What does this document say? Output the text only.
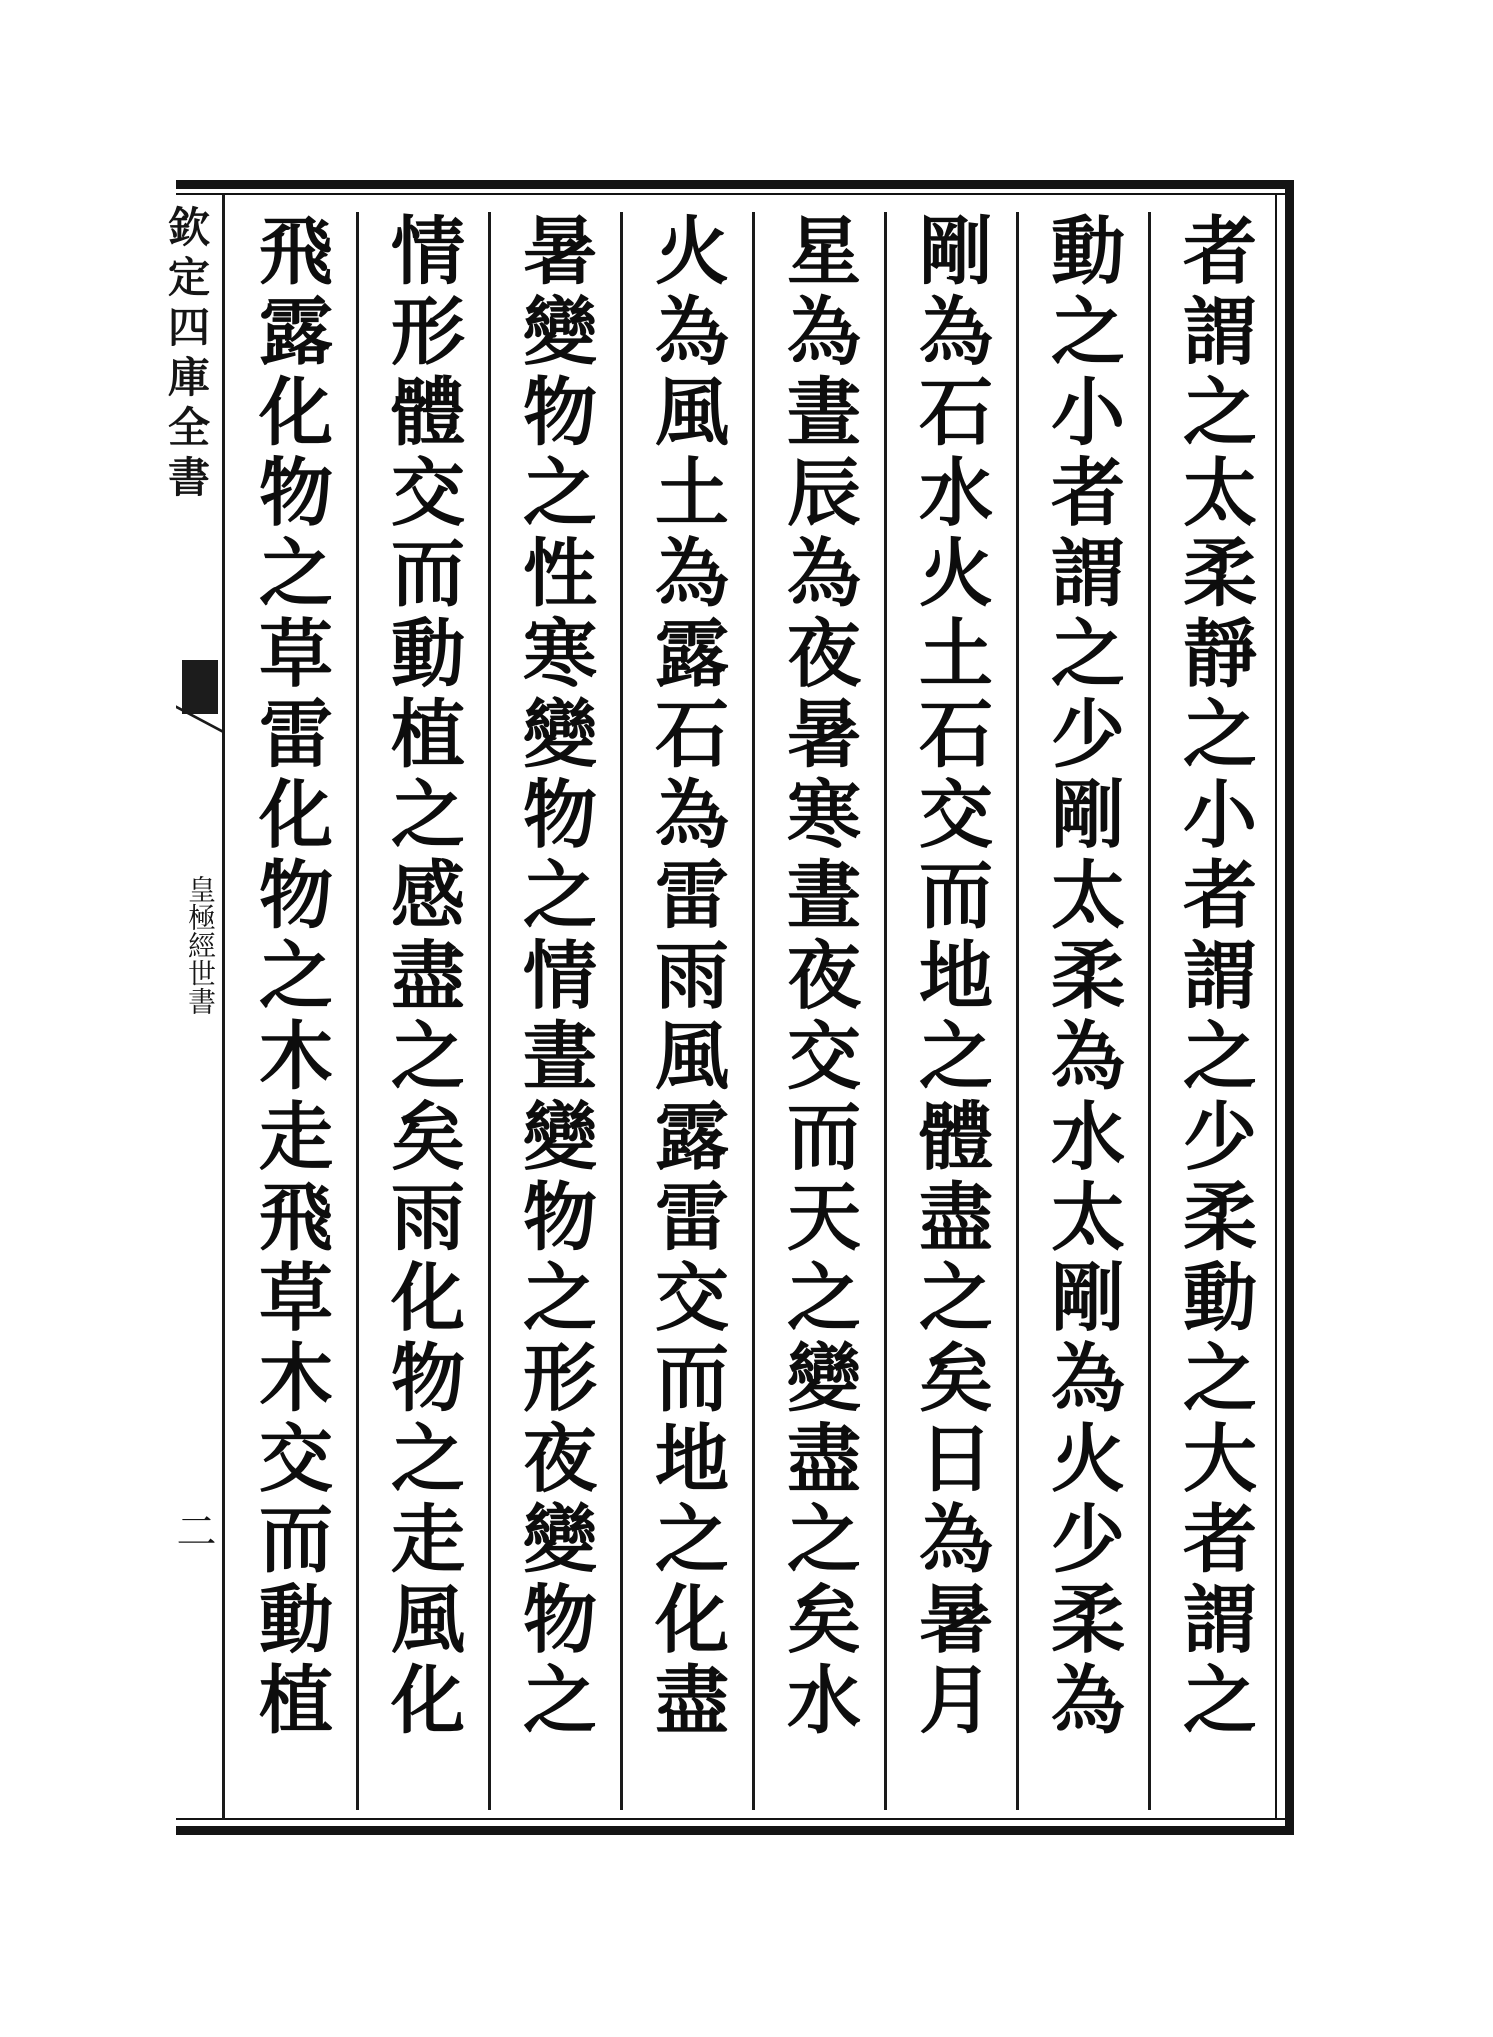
欽定四庫全書
皇極經世書
二
者謂之太柔靜之小者謂之少柔動之大者謂之
動之小者謂之少剛太柔為水太剛為火少柔為
剛為石水火土石交而地之體盡之矣日為暑月
星為晝辰為夜暑寒晝夜交而天之變盡之矣水
火為風土為露石為雷雨風露雷交而地之化盡
暑變物之性寒變物之情晝變物之形夜變物之
情形體交而動植之感盡之矣雨化物之走風化
飛露化物之草雷化物之木走飛草木交而動植
